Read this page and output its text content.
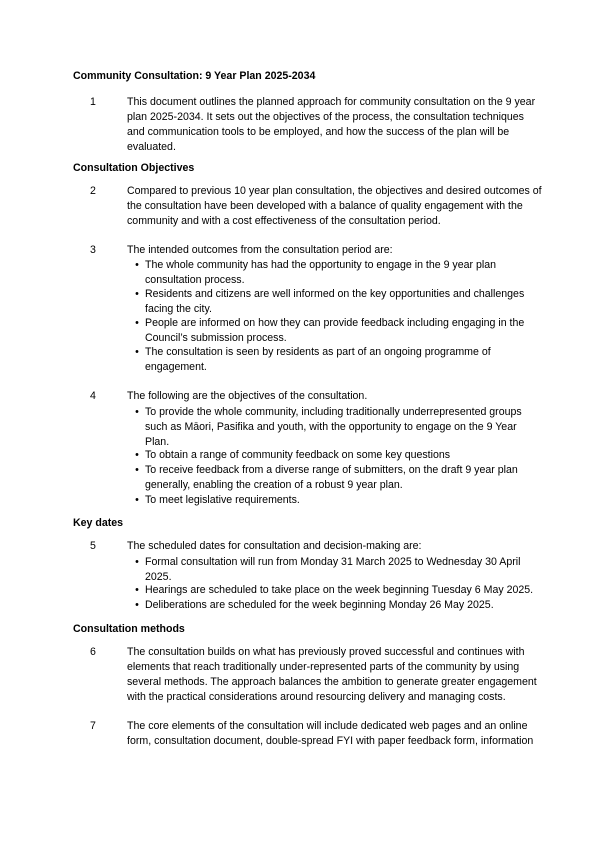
Community Consultation: 9 Year Plan 2025-2034
1	This document outlines the planned approach for community consultation on the 9 year
plan 2025-2034. It sets out the objectives of the process, the consultation techniques
and communication tools to be employed, and how the success of the plan will be
evaluated.
Consultation Objectives
2	Compared to previous 10 year plan consultation, the objectives and desired outcomes of
the consultation have been developed with a balance of quality engagement with the
community and with a cost effectiveness of the consultation period.
3	The intended outcomes from the consultation period are:
• The whole community has had the opportunity to engage in the 9 year plan
consultation process.
• Residents and citizens are well informed on the key opportunities and challenges
facing the city.
• People are informed on how they can provide feedback including engaging in the
Council’s submission process.
• The consultation is seen by residents as part of an ongoing programme of
engagement.
4	The following are the objectives of the consultation.
• To provide the whole community, including traditionally underrepresented groups
such as Māori, Pasifika and youth, with the opportunity to engage on the 9 Year
Plan.
• To obtain a range of community feedback on some key questions
• To receive feedback from a diverse range of submitters, on the draft 9 year plan
generally, enabling the creation of a robust 9 year plan.
• To meet legislative requirements.
Key dates
5	The scheduled dates for consultation and decision-making are:
• Formal consultation will run from Monday 31 March 2025 to Wednesday 30 April
2025.
• Hearings are scheduled to take place on the week beginning Tuesday 6 May 2025.
• Deliberations are scheduled for the week beginning Monday 26 May 2025.
Consultation methods
6	The consultation builds on what has previously proved successful and continues with
elements that reach traditionally under-represented parts of the community by using
several methods. The approach balances the ambition to generate greater engagement
with the practical considerations around resourcing delivery and managing costs.
7	The core elements of the consultation will include dedicated web pages and an online
form, consultation document, double-spread FYI with paper feedback form, information
